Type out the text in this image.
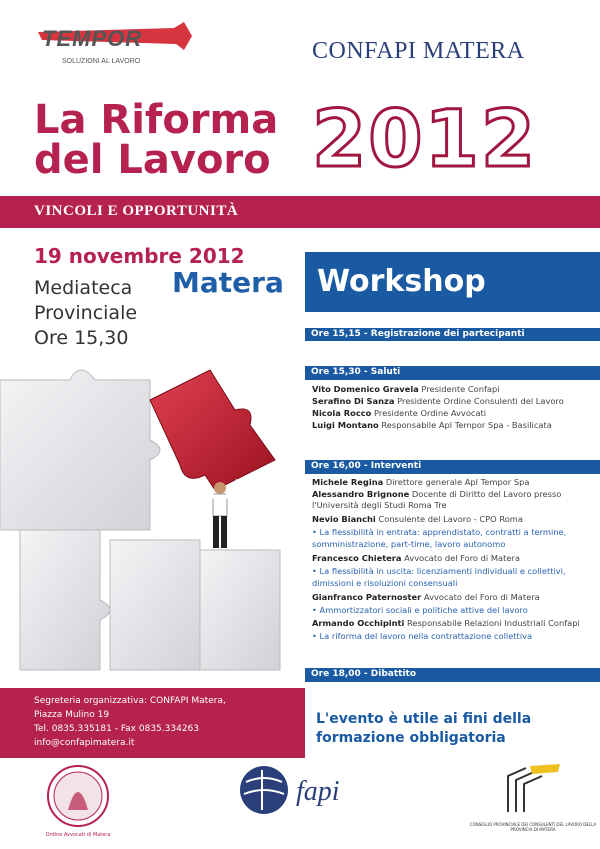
TEMPOR
SOLUZIONI AL LAVORO	CONFAPI MATERA
La Riforma
del Lavoro 2012
VINCOLI E OPPORTUNITÀ
19 novembre 2012
Matera
Mediateca
Provinciale
Ore 15,30
Workshop
Ore 15,15 - Registrazione dei partecipanti
Ore 15,30 - Saluti
Vito Domenico Gravela Presidente Confapi
Serafino Di Sanza Presidente Ordine Consulenti del Lavoro
Nicola Rocco Presidente Ordine Avvocati
Luigi Montano Responsabile Apl Tempor Spa - Basilicata
Ore 16,00 - Interventi
Michele Regina Direttore generale Apl Tempor Spa
Alessandro Brignone Docente di Diritto del Lavoro presso
l'Università degli Studi Roma Tre
Nevio Bianchi Consulente del Lavoro - CPO Roma
• La flessibilità in entrata: apprendistato, contratti a termine,
somministrazione, part-time, lavoro autonomo
Francesco Chietera Avvocato del Foro di Matera
• La flessibilità in uscita: licenziamenti individuali e collettivi,
dimissioni e risoluzioni consensuali
Gianfranco Paternoster Avvocato del Foro di Matera
• Ammortizzatori sociali e politiche attive del lavoro
Armando Occhipinti Responsabile Relazioni Industriali Confapi
• La riforma del lavoro nella contrattazione collettiva
Ore 18,00 - Dibattito
Segreteria organizzativa: CONFAPI Matera,
Piazza Mulino 19
Tel. 0835.335181 - Fax 0835.334263
info@confapimatera.it
L'evento è utile ai fini della formazione obbligatoria
Ordine Avvocati di Matera
fapi
CONSIGLIO PROVINCIALE DEI CONSULENTI DEL LAVORO DELLA PROVINCIA DI MATERA
